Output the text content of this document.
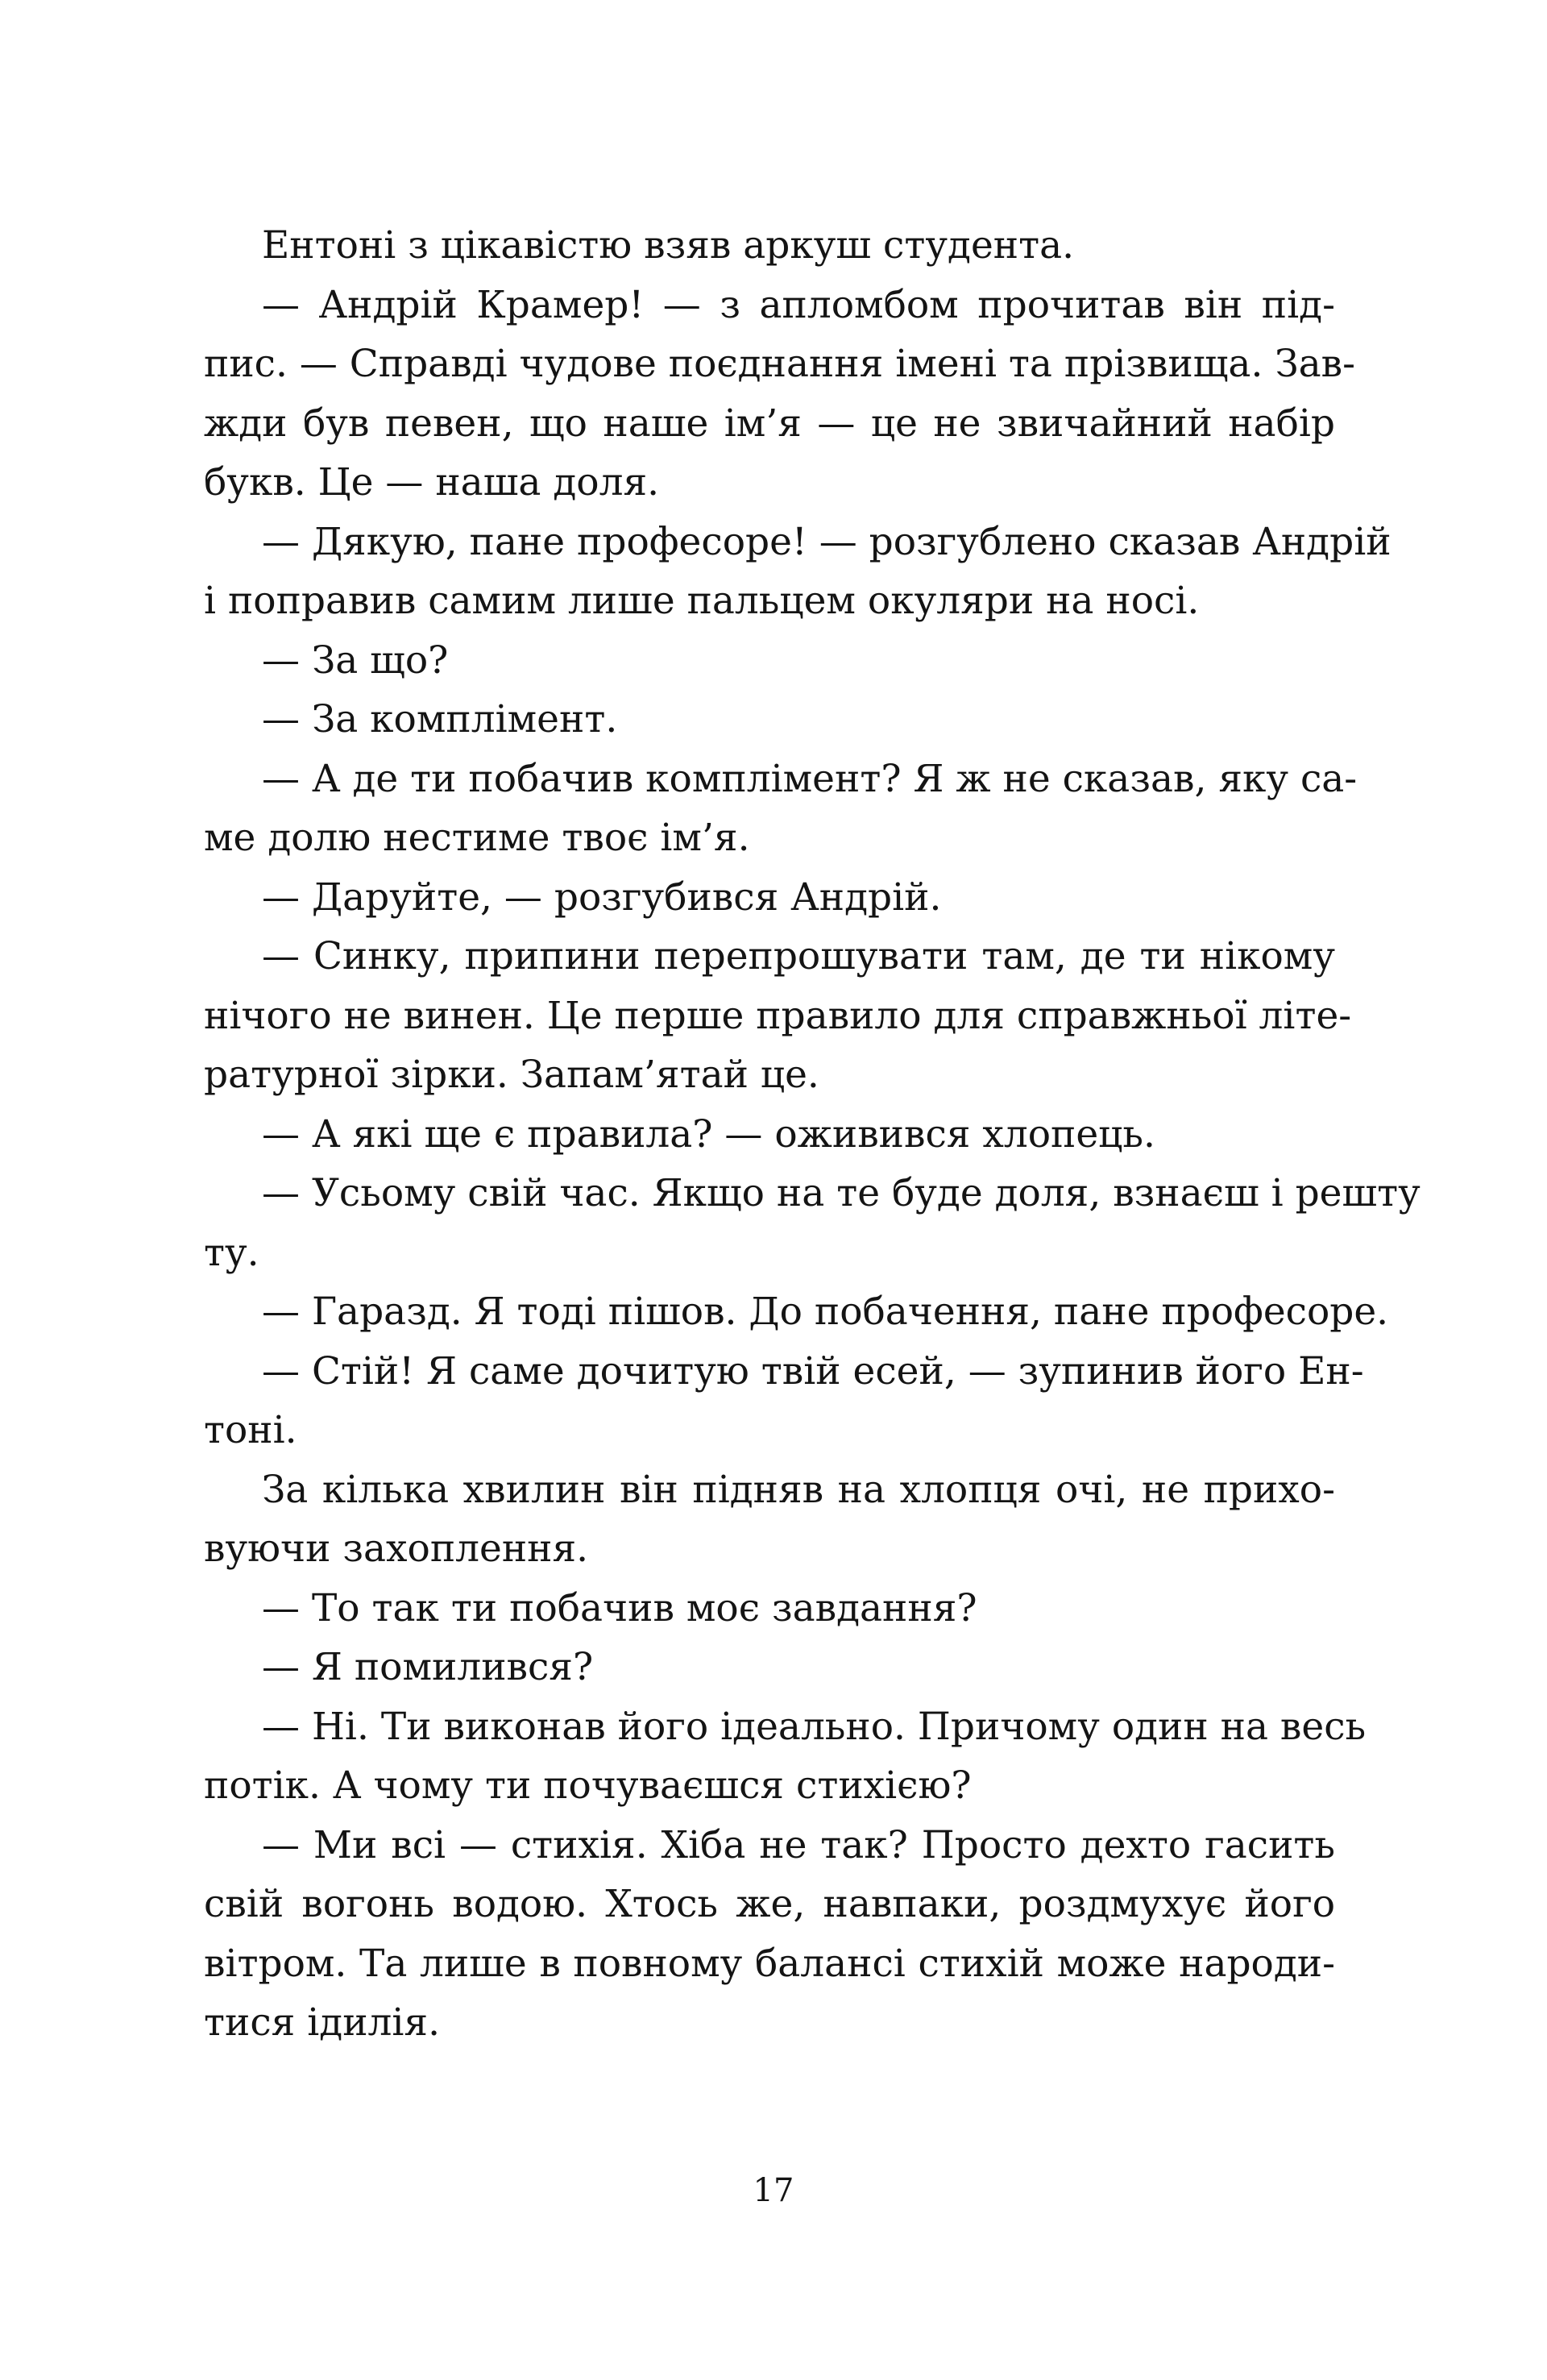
Ентоні з цікавістю взяв аркуш студента.
— Андрій Крамер! — з апломбом прочитав він під-
пис. — Справді чудове поєднання імені та прізвища. Зав-
жди був певен, що наше ім’я — це не звичайний набір
букв. Це — наша доля.
— Дякую, пане професоре! — розгублено сказав Андрій
і поправив самим лише пальцем окуляри на носі.
— За що?
— За комплімент.
— А де ти побачив комплімент? Я ж не сказав, яку са-
ме долю нестиме твоє ім’я.
— Даруйте, — розгубився Андрій.
— Синку, припини перепрошувати там, де ти нікому
нічого не винен. Це перше правило для справжньої літе-
ратурної зірки. Запам’ятай це.
— А які ще є правила? — оживився хлопець.
— Усьому свій час. Якщо на те буде доля, взнаєш і решту
ту.
— Гаразд. Я тоді пішов. До побачення, пане професоре.
— Стій! Я саме дочитую твій есей, — зупинив його Ен-
тоні.
За кілька хвилин він підняв на хлопця очі, не прихо-
вуючи захоплення.
— То так ти побачив моє завдання?
— Я помилився?
— Ні. Ти виконав його ідеально. Причому один на весь
потік. А чому ти почуваєшся стихією?
— Ми всі — стихія. Хіба не так? Просто дехто гасить
свій вогонь водою. Хтось же, навпаки, роздмухує його
вітром. Та лише в повному балансі стихій може народи-
тися ідилія.
17
